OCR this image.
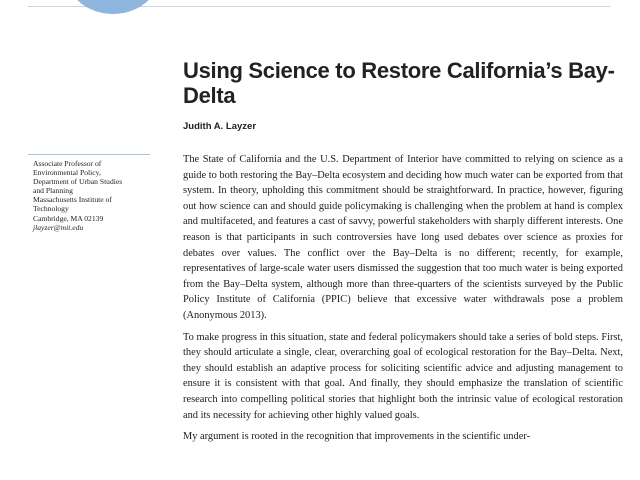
Using Science to Restore California’s Bay-Delta
Judith A. Layzer
Associate Professor of
Environmental Policy,
Department of Urban Studies
and Planning
Massachusetts Institute of
Technology
Cambridge, MA 02139
jlayzer@mit.edu

The State of California and the U.S. Department of Interior have committed to relying on science as a guide to both restoring the Bay–Delta ecosystem and deciding how much water can be exported from that system. In theory, upholding this commitment should be straightforward. In practice, however, figuring out how science can and should guide policymaking is challenging when the problem at hand is complex and multifaceted, and features a cast of savvy, powerful stakeholders with sharply different interests. One reason is that participants in such controversies have long used debates over science as proxies for debates over values. The conflict over the Bay–Delta is no different; recently, for example, representatives of large-scale water users dismissed the suggestion that too much water is being exported from the Bay–Delta system, although more than three-quarters of the scientists surveyed by the Public Policy Institute of California (PPIC) believe that excessive water withdrawals pose a problem (Anonymous 2013).

To make progress in this situation, state and federal policymakers should take a series of bold steps. First, they should articulate a single, clear, overarching goal of ecological restoration for the Bay–Delta. Next, they should establish an adaptive process for soliciting scientific advice and adjusting management to ensure it is consistent with that goal. And finally, they should emphasize the translation of scientific research into compelling political stories that highlight both the intrinsic value of ecological restoration and its necessity for achieving other highly valued goals.

My argument is rooted in the recognition that improvements in the scientific under-
